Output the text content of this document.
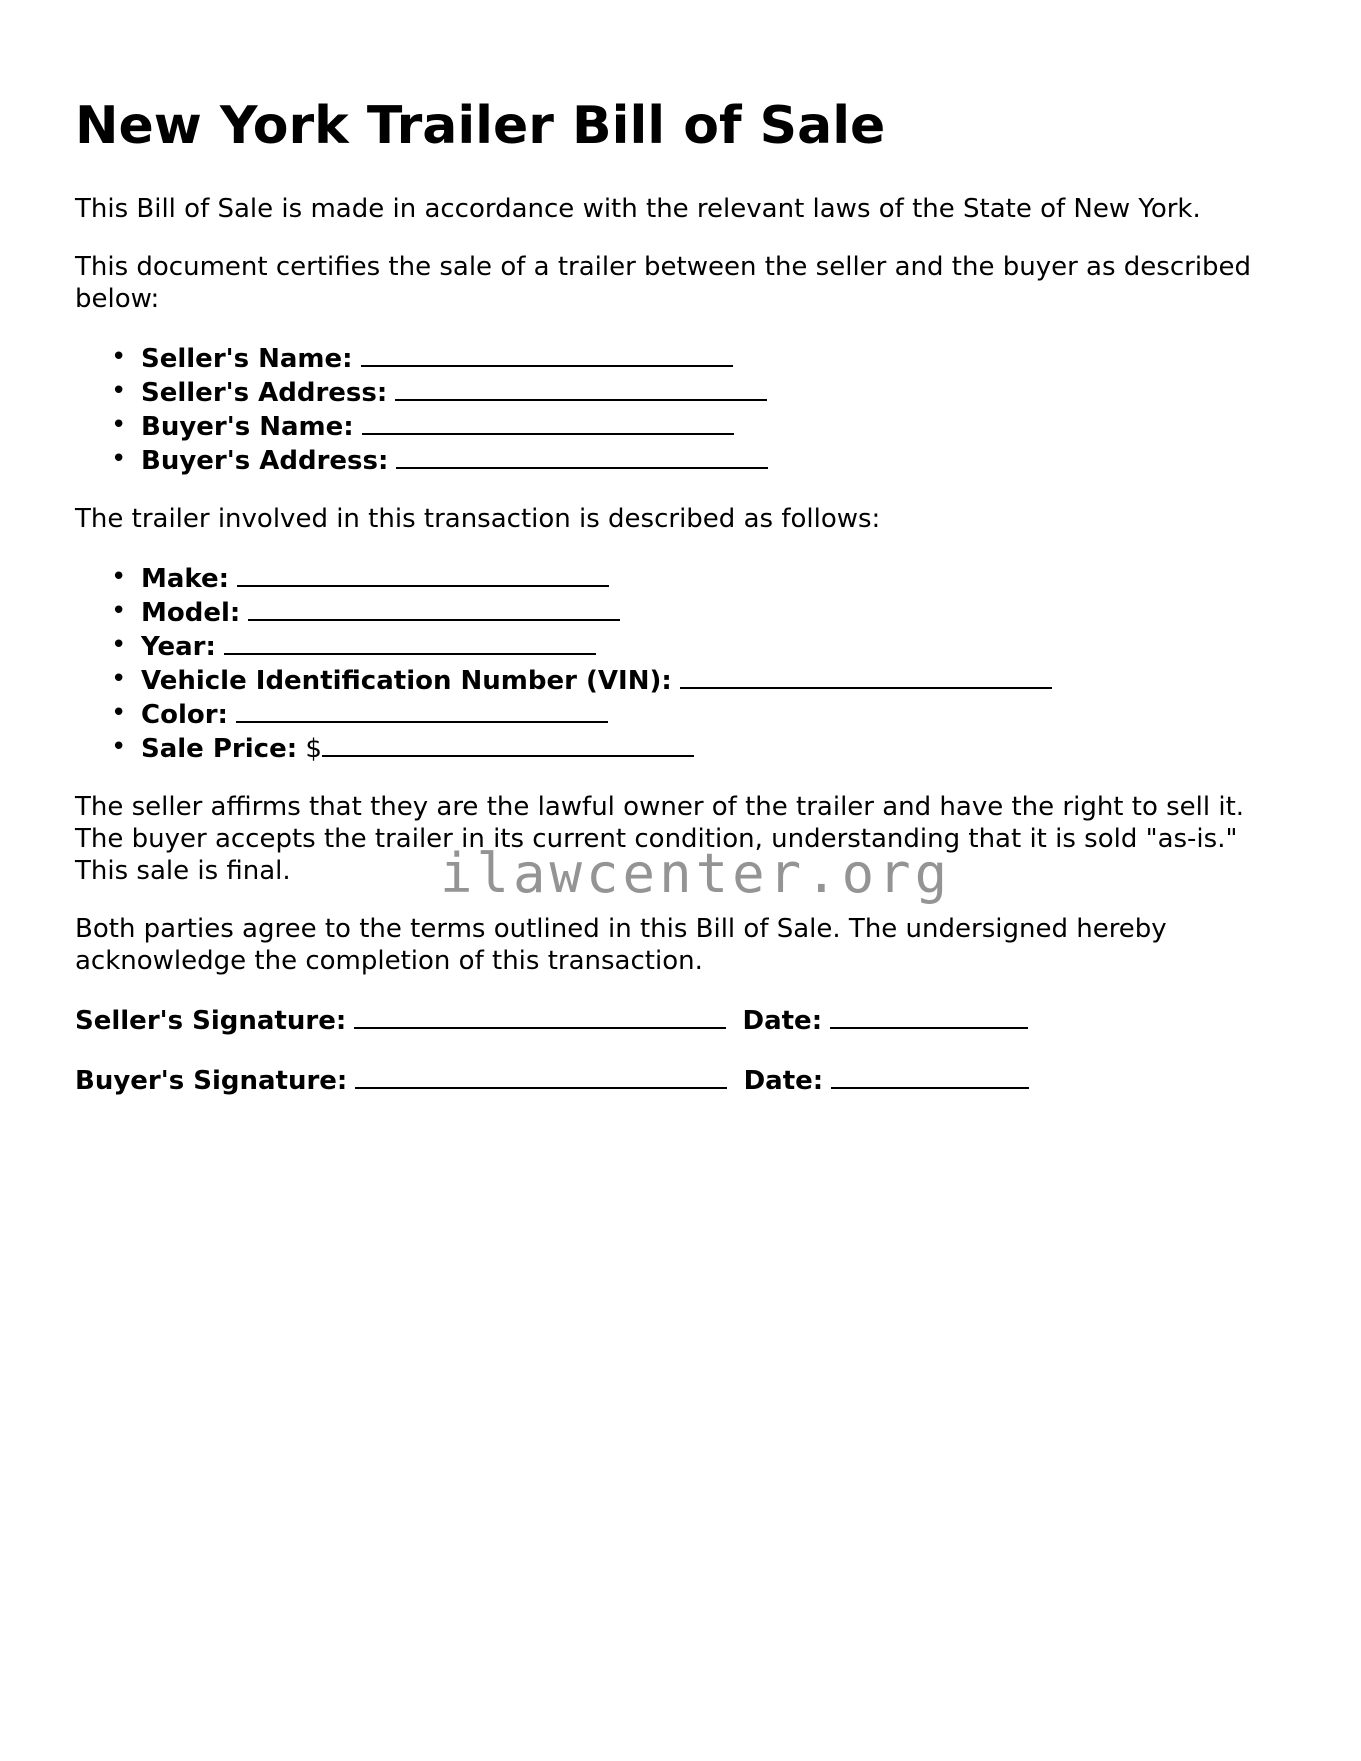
New York Trailer Bill of Sale

This Bill of Sale is made in accordance with the relevant laws of the State of New York.

This document certifies the sale of a trailer between the seller and the buyer as described below:

• Seller's Name:
• Seller's Address:
• Buyer's Name:
• Buyer's Address:

The trailer involved in this transaction is described as follows:

• Make:
• Model:
• Year:
• Vehicle Identification Number (VIN):
• Color:
• Sale Price: $

The seller affirms that they are the lawful owner of the trailer and have the right to sell it. The buyer accepts the trailer in its current condition, understanding that it is sold "as-is." This sale is final.

Both parties agree to the terms outlined in this Bill of Sale. The undersigned hereby acknowledge the completion of this transaction.

Seller's Signature:	Date:
Buyer's Signature:	Date:
ilawcenter.org
